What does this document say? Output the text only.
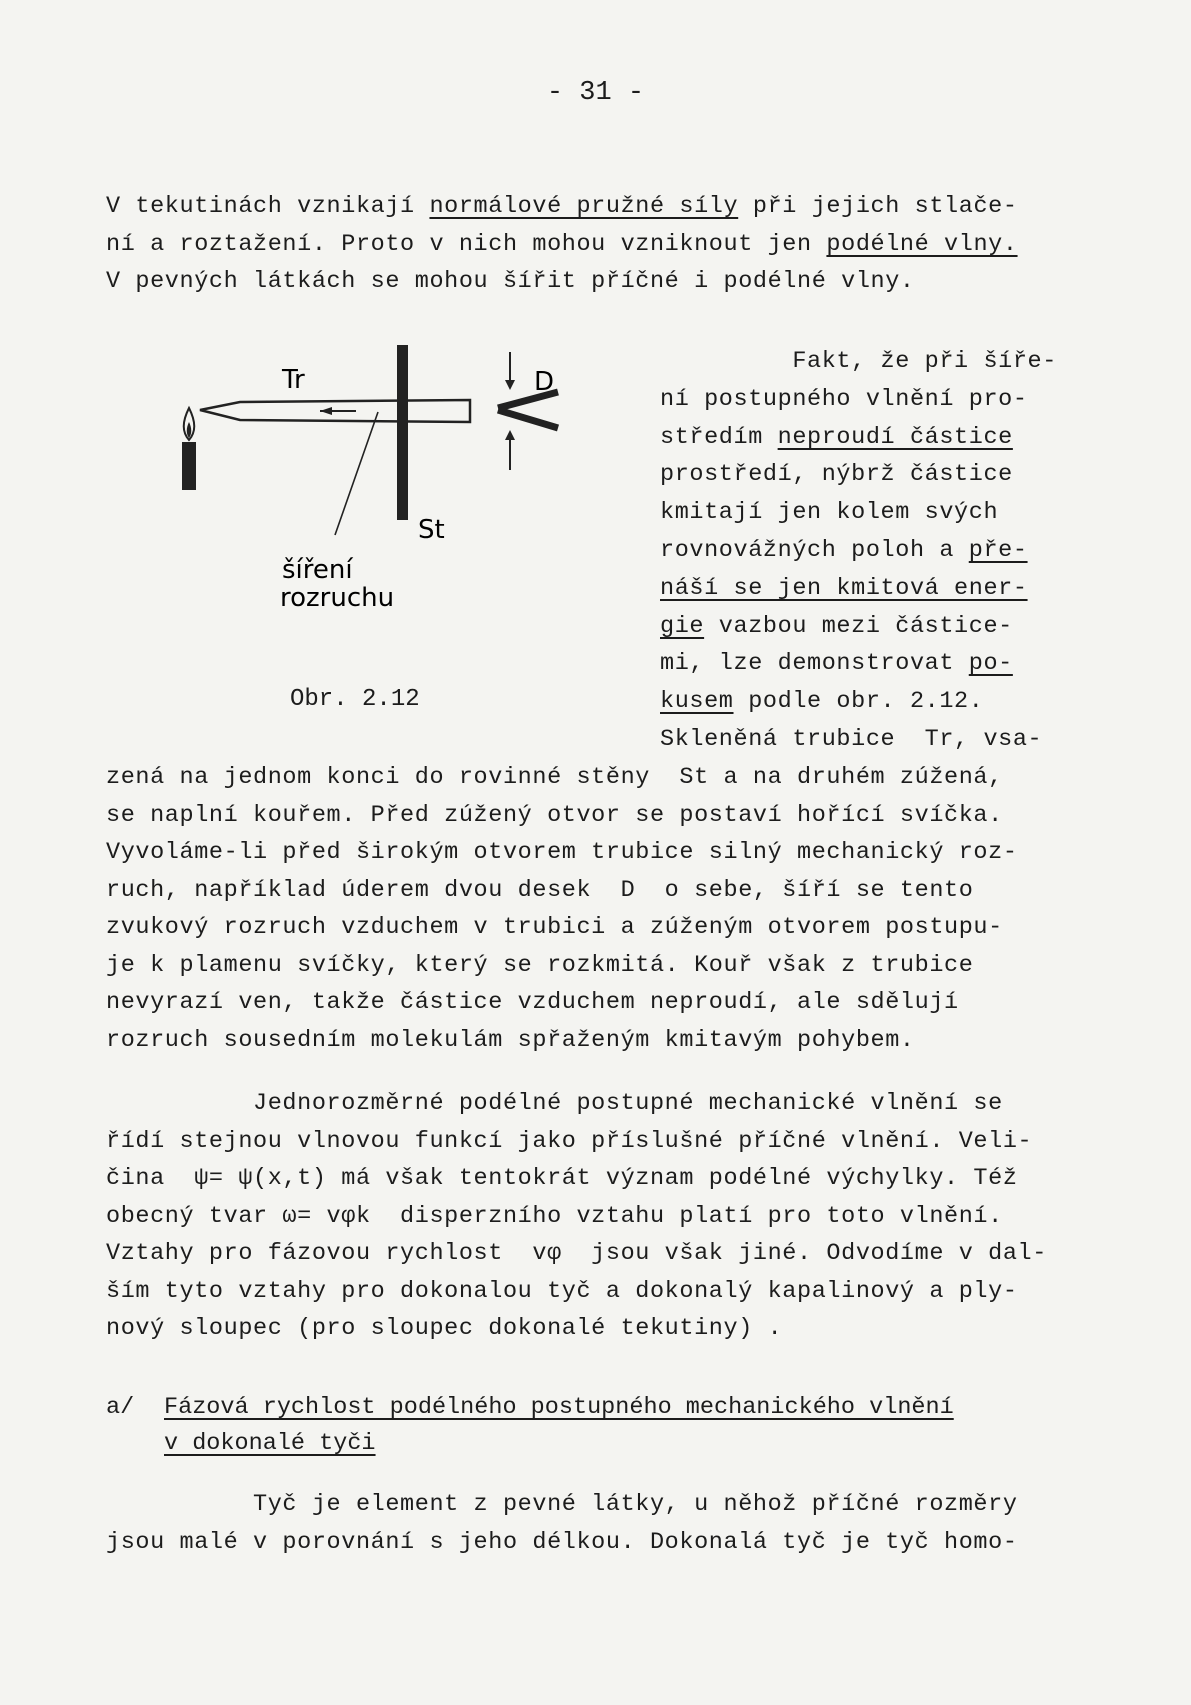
- 31 -
V tekutinách vznikají normálové pružné síly při jejich stlače-
ní a roztažení. Proto v nich mohou vzniknout jen podélné vlny.
V pevných látkách se mohou šířit příčné i podélné vlny.
Tr
St
D
šíření
rozruchu
Obr. 2.12
Fakt, že při šíře-
ní postupného vlnění pro-
středím neproudí částice
prostředí, nýbrž částice
kmitají jen kolem svých
rovnovážných poloh a pře-
náší se jen kmitová ener-
gie vazbou mezi částice-
mi, lze demonstrovat po-
kusem podle obr. 2.12.
Skleněná trubice  Tr, vsa-
zená na jednom konci do rovinné stěny  St a na druhém zúžená,
se naplní kouřem. Před zúžený otvor se postaví hořící svíčka.
Vyvoláme-li před širokým otvorem trubice silný mechanický roz-
ruch, například úderem dvou desek  D  o sebe, šíří se tento
zvukový rozruch vzduchem v trubici a zúženým otvorem postupu-
je k plamenu svíčky, který se rozkmitá. Kouř však z trubice
nevyrazí ven, takže částice vzduchem neproudí, ale sdělují
rozruch sousedním molekulám spřaženým kmitavým pohybem.
Jednorozměrné podélné postupné mechanické vlnění se
řídí stejnou vlnovou funkcí jako příslušné příčné vlnění. Veli-
čina  ψ= ψ(x,t) má však tentokrát význam podélné výchylky. Též
obecný tvar ω= vφk  disperzního vztahu platí pro toto vlnění.
Vztahy pro fázovou rychlost  vφ  jsou však jiné. Odvodíme v dal-
ším tyto vztahy pro dokonalou tyč a dokonalý kapalinový a ply-
nový sloupec (pro sloupec dokonalé tekutiny) .
a/ Fázová rychlost podélného postupného mechanického vlnění
v dokonalé tyči
Tyč je element z pevné látky, u něhož příčné rozměry
jsou malé v porovnání s jeho délkou. Dokonalá tyč je tyč homo-
